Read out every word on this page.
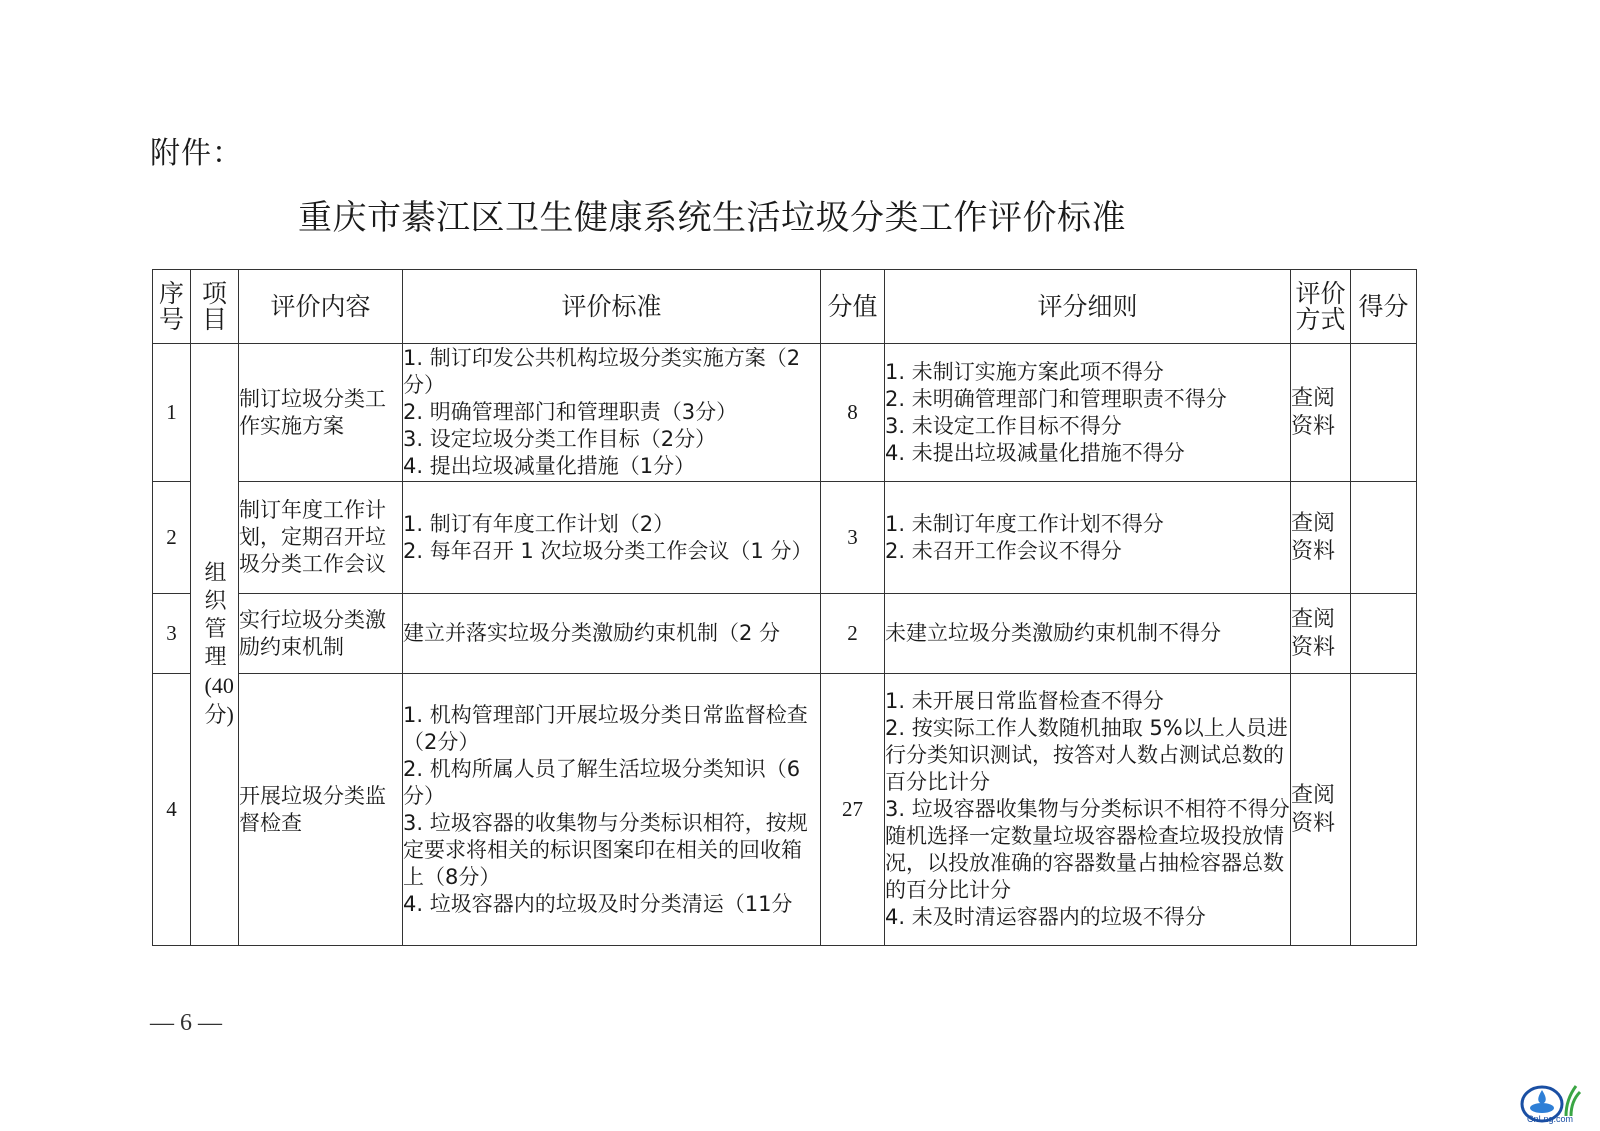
附件：
重庆市綦江区卫生健康系统生活垃圾分类工作评价标准
序号	项目	评价内容	评价标准	分值	评分细则	评价方式	得分
1	组织管理 (40分)	制订垃圾分类工作实施方案	1. 制订印发公共机构垃圾分类实施方案（2分）
2. 明确管理部门和管理职责（3分）
3. 设定垃圾分类工作目标（2分）
4. 提出垃圾减量化措施（1分）	8	1. 未制订实施方案此项不得分
2. 未明确管理部门和管理职责不得分
3. 未设定工作目标不得分
4. 未提出垃圾减量化措施不得分	查阅资料	
2		制订年度工作计划，定期召开垃圾分类工作会议	1. 制订有年度工作计划（2）
2. 每年召开 1 次垃圾分类工作会议（1 分）	3	1. 未制订年度工作计划不得分
2. 未召开工作会议不得分	查阅资料	
3		实行垃圾分类激励约束机制	建立并落实垃圾分类激励约束机制（2 分	2	未建立垃圾分类激励约束机制不得分	查阅资料	
4		开展垃圾分类监督检查	1. 机构管理部门开展垃圾分类日常监督检查（2分）
2. 机构所属人员了解生活垃圾分类知识（6分）
3. 垃圾容器的收集物与分类标识相符，按规定要求将相关的标识图案印在相关的回收箱上（8分）
4. 垃圾容器内的垃圾及时分类清运（11分	27	1. 未开展日常监督检查不得分
2. 按实际工作人数随机抽取 5%以上人员进行分类知识测试，按答对人数占测试总数的百分比计分
3. 垃圾容器收集物与分类标识不相符不得分 随机选择一定数量垃圾容器检查垃圾投放情况，以投放准确的容器数量占抽检容器总数的百分比计分
4. 未及时清运容器内的垃圾不得分	查阅资料	
— 6 —
CnLng.com
